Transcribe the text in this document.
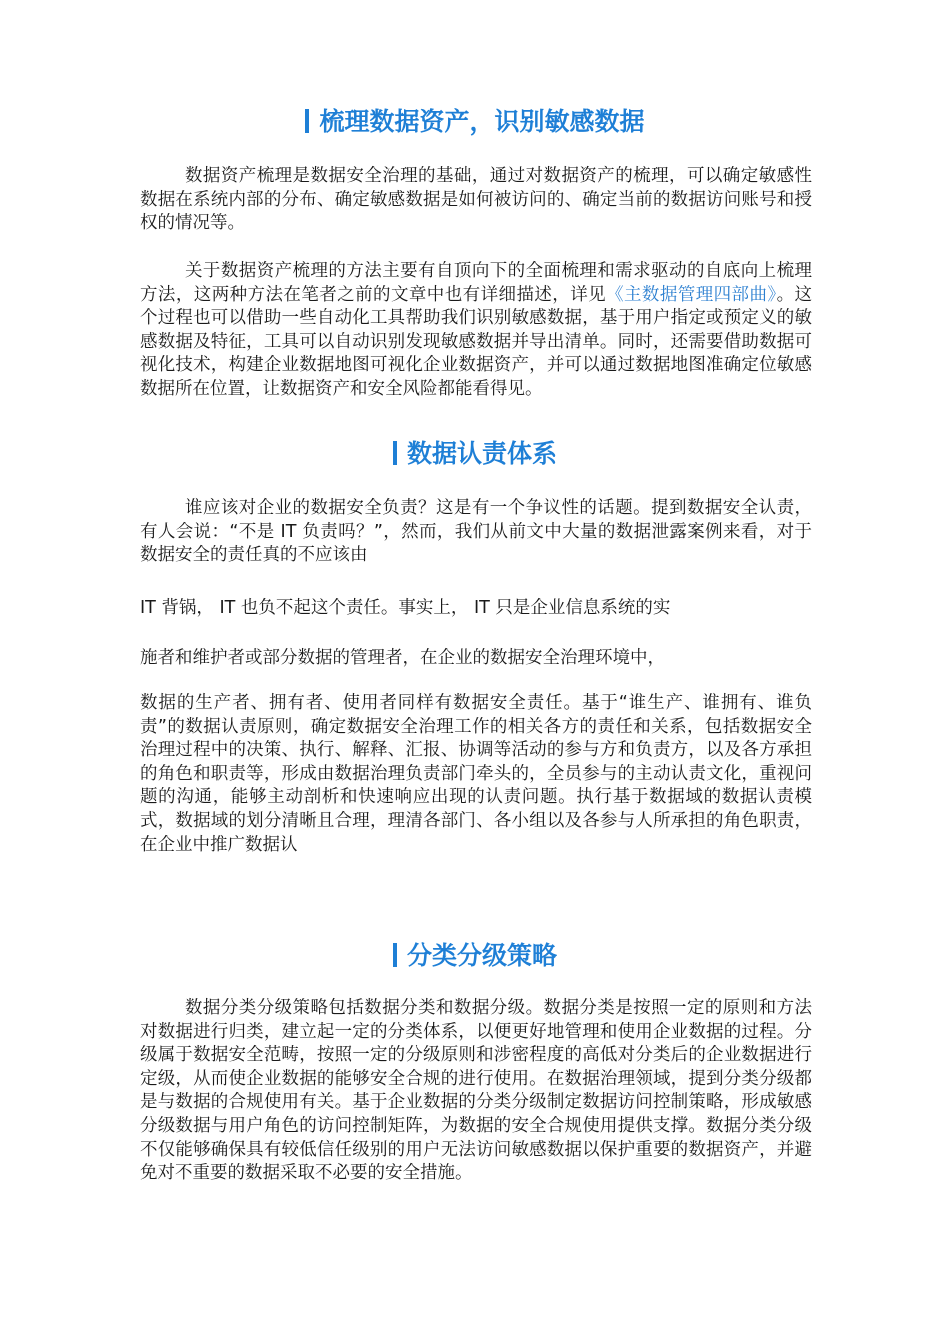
梳理数据资产，识别敏感数据

数据资产梳理是数据安全治理的基础，通过对数据资产的梳理，可以确定敏感性数据在系统内部的分布、确定敏感数据是如何被访问的、确定当前的数据访问账号和授权的情况等。

关于数据资产梳理的方法主要有自顶向下的全面梳理和需求驱动的自底向上梳理方法，这两种方法在笔者之前的文章中也有详细描述，详见《主数据管理四部曲》。这个过程也可以借助一些自动化工具帮助我们识别敏感数据，基于用户指定或预定义的敏感数据及特征，工具可以自动识别发现敏感数据并导出清单。同时，还需要借助数据可视化技术，构建企业数据地图可视化企业数据资产，并可以通过数据地图准确定位敏感数据所在位置，让数据资产和安全风险都能看得见。

数据认责体系

谁应该对企业的数据安全负责？这是有一个争议性的话题。提到数据安全认责，有人会说：“不是 IT 负责吗？”，然而，我们从前文中大量的数据泄露案例来看，对于数据安全的责任真的不应该由

IT 背锅， IT 也负不起这个责任。事实上， IT 只是企业信息系统的实

施者和维护者或部分数据的管理者，在企业的数据安全治理环境中，

数据的生产者、拥有者、使用者同样有数据安全责任。基于“谁生产、谁拥有、谁负责”的数据认责原则，确定数据安全治理工作的相关各方的责任和关系，包括数据安全治理过程中的决策、执行、解释、汇报、协调等活动的参与方和负责方，以及各方承担的角色和职责等，形成由数据治理负责部门牵头的，全员参与的主动认责文化，重视问题的沟通，能够主动剖析和快速响应出现的认责问题。执行基于数据域的数据认责模式，数据域的划分清晰且合理，理清各部门、各小组以及各参与人所承担的角色职责，在企业中推广数据认

分类分级策略

数据分类分级策略包括数据分类和数据分级。数据分类是按照一定的原则和方法对数据进行归类，建立起一定的分类体系，以便更好地管理和使用企业数据的过程。分级属于数据安全范畴，按照一定的分级原则和涉密程度的高低对分类后的企业数据进行定级，从而使企业数据的能够安全合规的进行使用。在数据治理领域，提到分类分级都是与数据的合规使用有关。基于企业数据的分类分级制定数据访问控制策略，形成敏感分级数据与用户角色的访问控制矩阵，为数据的安全合规使用提供支撑。数据分类分级不仅能够确保具有较低信任级别的用户无法访问敏感数据以保护重要的数据资产，并避免对不重要的数据采取不必要的安全措施。
